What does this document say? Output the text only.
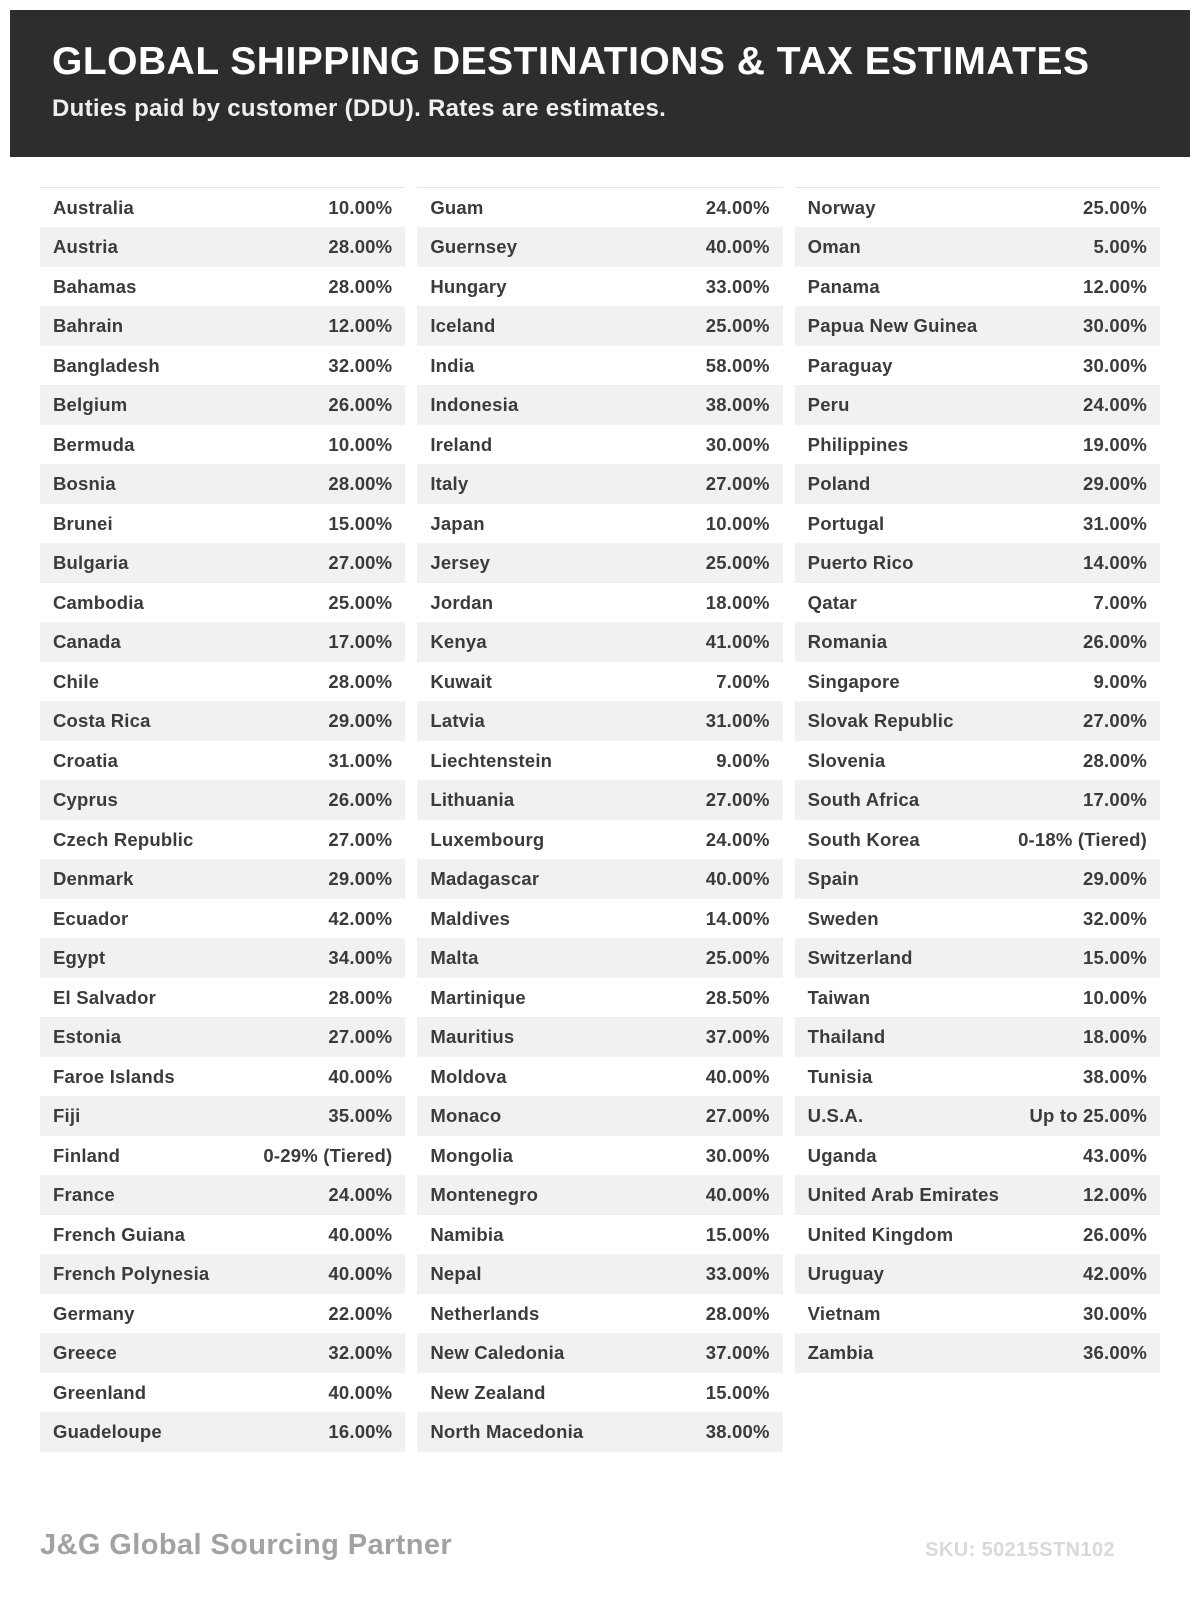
GLOBAL SHIPPING DESTINATIONS & TAX ESTIMATES

Duties paid by customer (DDU). Rates are estimates.

Australia	10.00%
Austria	28.00%
Bahamas	28.00%
Bahrain	12.00%
Bangladesh	32.00%
Belgium	26.00%
Bermuda	10.00%
Bosnia	28.00%
Brunei	15.00%
Bulgaria	27.00%
Cambodia	25.00%
Canada	17.00%
Chile	28.00%
Costa Rica	29.00%
Croatia	31.00%
Cyprus	26.00%
Czech Republic	27.00%
Denmark	29.00%
Ecuador	42.00%
Egypt	34.00%
El Salvador	28.00%
Estonia	27.00%
Faroe Islands	40.00%
Fiji	35.00%
Finland	0-29% (Tiered)
France	24.00%
French Guiana	40.00%
French Polynesia	40.00%
Germany	22.00%
Greece	32.00%
Greenland	40.00%
Guadeloupe	16.00%
Guam	24.00%
Guernsey	40.00%
Hungary	33.00%
Iceland	25.00%
India	58.00%
Indonesia	38.00%
Ireland	30.00%
Italy	27.00%
Japan	10.00%
Jersey	25.00%
Jordan	18.00%
Kenya	41.00%
Kuwait	7.00%
Latvia	31.00%
Liechtenstein	9.00%
Lithuania	27.00%
Luxembourg	24.00%
Madagascar	40.00%
Maldives	14.00%
Malta	25.00%
Martinique	28.50%
Mauritius	37.00%
Moldova	40.00%
Monaco	27.00%
Mongolia	30.00%
Montenegro	40.00%
Namibia	15.00%
Nepal	33.00%
Netherlands	28.00%
New Caledonia	37.00%
New Zealand	15.00%
North Macedonia	38.00%
Norway	25.00%
Oman	5.00%
Panama	12.00%
Papua New Guinea	30.00%
Paraguay	30.00%
Peru	24.00%
Philippines	19.00%
Poland	29.00%
Portugal	31.00%
Puerto Rico	14.00%
Qatar	7.00%
Romania	26.00%
Singapore	9.00%
Slovak Republic	27.00%
Slovenia	28.00%
South Africa	17.00%
South Korea	0-18% (Tiered)
Spain	29.00%
Sweden	32.00%
Switzerland	15.00%
Taiwan	10.00%
Thailand	18.00%
Tunisia	38.00%
U.S.A.	Up to 25.00%
Uganda	43.00%
United Arab Emirates	12.00%
United Kingdom	26.00%
Uruguay	42.00%
Vietnam	30.00%
Zambia	36.00%
J&G Global Sourcing Partner	SKU: 50215STN102
